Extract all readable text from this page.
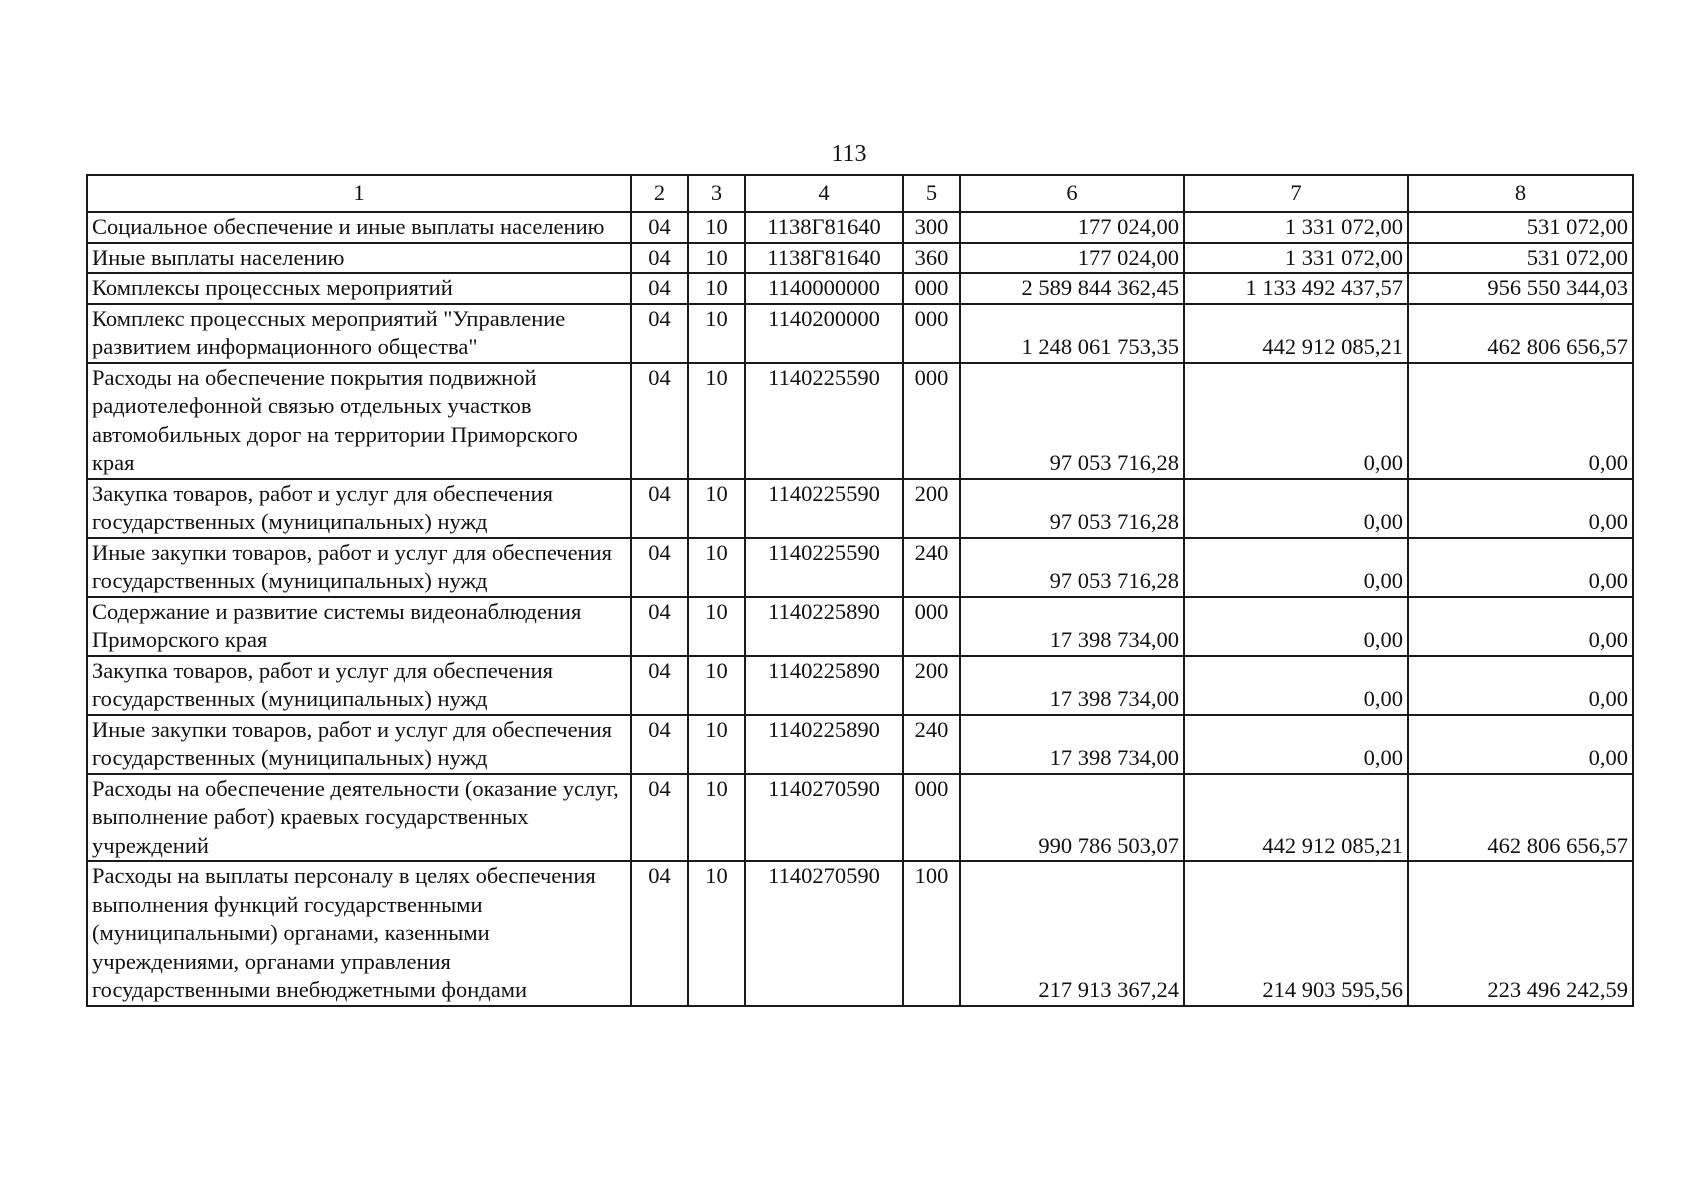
113
1	2	3	4	5	6	7	8
Социальное обеспечение и иные выплаты населению	04	10	1138Г81640	300	177 024,00	1 331 072,00	531 072,00
Иные выплаты населению	04	10	1138Г81640	360	177 024,00	1 331 072,00	531 072,00
Комплексы процессных мероприятий	04	10	1140000000	000	2 589 844 362,45	1 133 492 437,57	956 550 344,03
Комплекс процессных мероприятий "Управление развитием информационного общества"	04	10	1140200000	000	1 248 061 753,35	442 912 085,21	462 806 656,57
Расходы на обеспечение покрытия подвижной радиотелефонной связью отдельных участков автомобильных дорог на территории Приморского края	04	10	1140225590	000	97 053 716,28	0,00	0,00
Закупка товаров, работ и услуг для обеспечения государственных (муниципальных) нужд	04	10	1140225590	200	97 053 716,28	0,00	0,00
Иные закупки товаров, работ и услуг для обеспечения государственных (муниципальных) нужд	04	10	1140225590	240	97 053 716,28	0,00	0,00
Содержание и развитие системы видеонаблюдения Приморского края	04	10	1140225890	000	17 398 734,00	0,00	0,00
Закупка товаров, работ и услуг для обеспечения государственных (муниципальных) нужд	04	10	1140225890	200	17 398 734,00	0,00	0,00
Иные закупки товаров, работ и услуг для обеспечения государственных (муниципальных) нужд	04	10	1140225890	240	17 398 734,00	0,00	0,00
Расходы на обеспечение деятельности (оказание услуг, выполнение работ) краевых государственных учреждений	04	10	1140270590	000	990 786 503,07	442 912 085,21	462 806 656,57
Расходы на выплаты персоналу в целях обеспечения выполнения функций государственными (муниципальными) органами, казенными учреждениями, органами управления государственными внебюджетными фондами	04	10	1140270590	100	217 913 367,24	214 903 595,56	223 496 242,59
